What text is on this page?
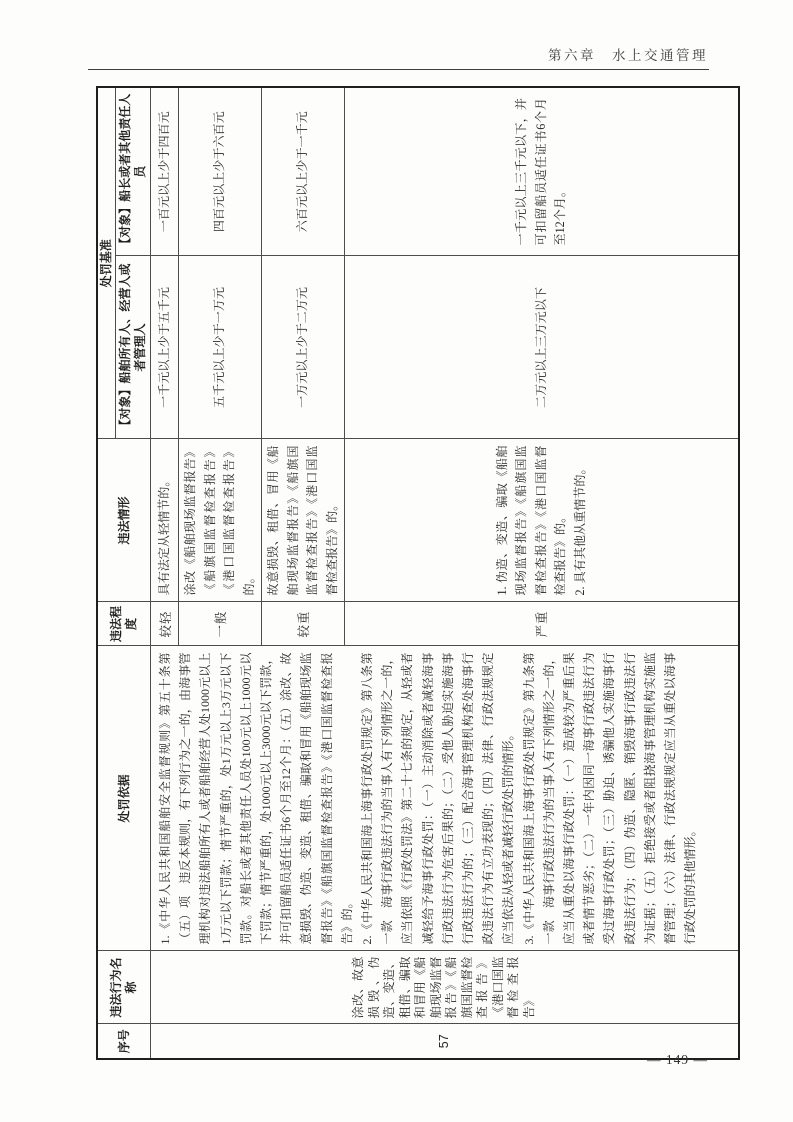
第六章　水上交通管理
序号	违法行为名称	处罚依据	违法程度	违法情形	处罚基准	
					【对象】船舶所有人、经营人或者管理人	【对象】船长或者其他责任人员
57	涂改、故意损毁、伪造、变造、租借、骗取和冒用《船舶现场监督报告》《船旗国监督检查报告》《港口国监督检查报告》	1.《中华人民共和国船舶安全监督规则》第五十条第（五）项　违反本规则，有下列行为之一的，由海事管理机构对违法船舶所有人或者船舶经营人处1000元以上1万元以下罚款；情节严重的，处1万元以上3万元以下罚款。对船长或者其他责任人员处100元以上1000元以下罚款；情节严重的，处1000元以上3000元以下罚款，并可扣留船员适任证书6个月至12个月：（五）涂改、故意损毁、伪造、变造、租借、骗取和冒用《船舶现场监督报告》《船旗国监督检查报告》《港口国监督检查报告》的。 2.《中华人民共和国海上海事行政处罚规定》第八条第一款　海事行政违法行为的当事人有下列情形之一的，应当依照《行政处罚法》第二十七条的规定，从轻或者减轻给予海事行政处罚：（一）主动消除或者减轻海事行政违法行为危害后果的；（二）受他人胁迫实施海事行政违法行为的；（三）配合海事管理机构查处海事行政违法行为有立功表现的；（四）法律、行政法规规定应当依法从轻或者减轻行政处罚的情形。 3.《中华人民共和国海上海事行政处罚规定》第九条第一款　海事行政违法行为的当事人有下列情形之一的，应当从重处以海事行政处罚：（一）造成较为严重后果或者情节恶劣；（二）一年内因同一海事行政违法行为受过海事行政处罚；（三）胁迫、诱骗他人实施海事行政违法行为；（四）伪造、隐匿、销毁海事行政违法行为证据；（五）拒绝接受或者阻挠海事管理机构实施监督管理；（六）法律、行政法规规定应当从重处以海事行政处罚的其他情形。	较轻	具有法定从轻情节的。	一千元以上少于五千元	一百元以上少于四百元
			一般	涂改《船舶现场监督报告》《船旗国监督检查报告》《港口国监督检查报告》的。	五千元以上少于一万元	四百元以上少于六百元
			较重	故意损毁、租借、冒用《船舶现场监督报告》《船旗国监督检查报告》《港口国监督检查报告》的。	一万元以上少于二万元	六百元以上少于一千元
			严重	1. 伪造、变造、骗取《船舶现场监督报告》《船旗国监督检查报告》《港口国监督检查报告》的。 2. 具有其他从重情节的。	二万元以上三万元以下	一千元以上三千元以下，并可扣留船员适任证书6个月至12个月。
— 149 —
